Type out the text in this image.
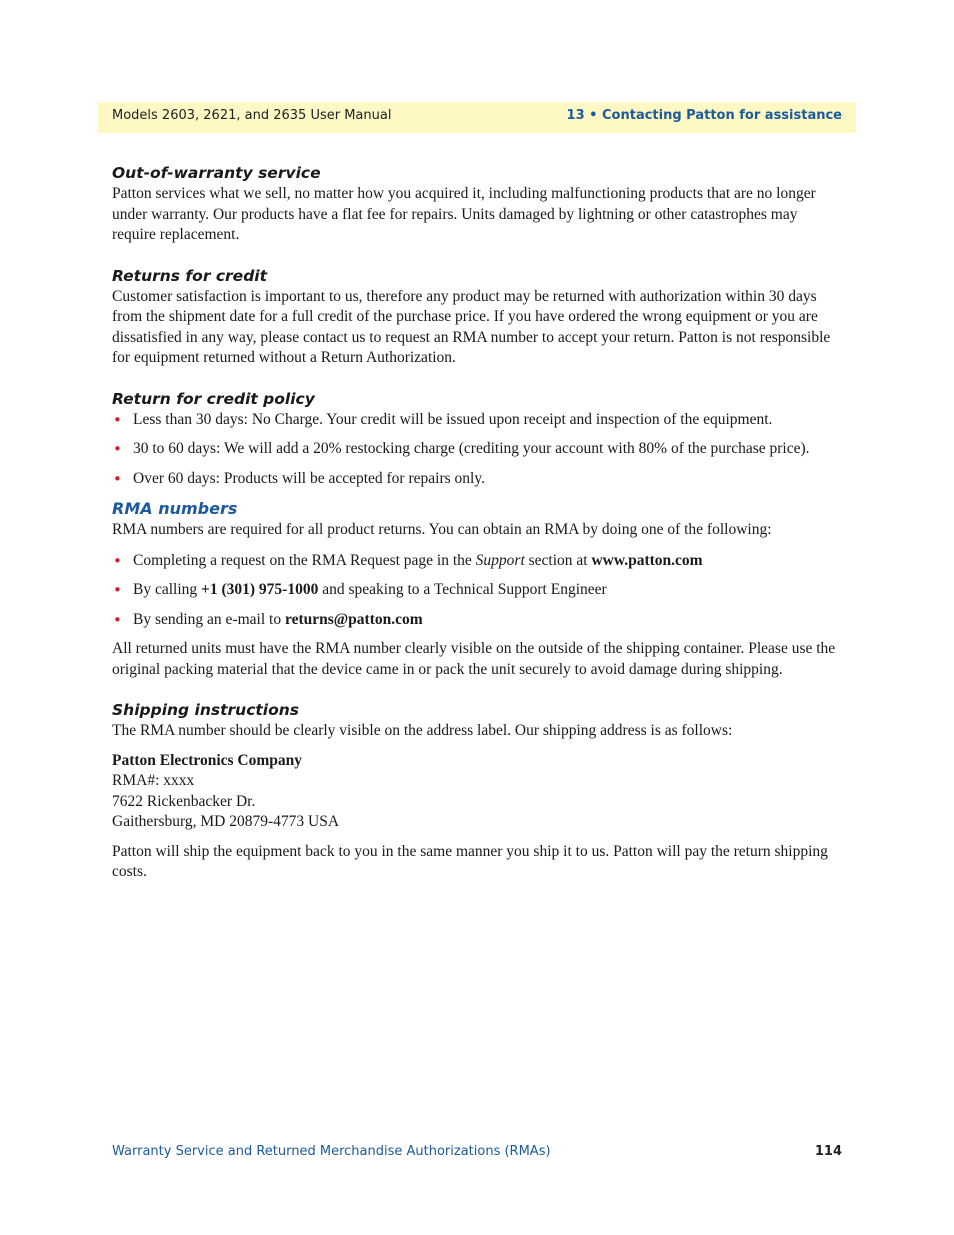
Models 2603, 2621, and 2635 User Manual	13 • Contacting Patton for assistance
Out-of-warranty service

Patton services what we sell, no matter how you acquired it, including malfunctioning products that are no longer under warranty. Our products have a flat fee for repairs. Units damaged by lightning or other catastrophes may require replacement.

Returns for credit

Customer satisfaction is important to us, therefore any product may be returned with authorization within 30 days from the shipment date for a full credit of the purchase price. If you have ordered the wrong equipment or you are dissatisfied in any way, please contact us to request an RMA number to accept your return. Patton is not responsible for equipment returned without a Return Authorization.

Return for credit policy
• Less than 30 days: No Charge. Your credit will be issued upon receipt and inspection of the equipment.
• 30 to 60 days: We will add a 20% restocking charge (crediting your account with 80% of the purchase price).
• Over 60 days: Products will be accepted for repairs only.
RMA numbers

RMA numbers are required for all product returns. You can obtain an RMA by doing one of the following:

• Completing a request on the RMA Request page in the Support section at www.patton.com
• By calling +1 (301) 975-1000 and speaking to a Technical Support Engineer
• By sending an e-mail to returns@patton.com

All returned units must have the RMA number clearly visible on the outside of the shipping container. Please use the original packing material that the device came in or pack the unit securely to avoid damage during shipping.

Shipping instructions

The RMA number should be clearly visible on the address label. Our shipping address is as follows:

Patton Electronics Company
RMA#: xxxx
7622 Rickenbacker Dr.
Gaithersburg, MD 20879-4773 USA

Patton will ship the equipment back to you in the same manner you ship it to us. Patton will pay the return shipping costs.

Warranty Service and Returned Merchandise Authorizations (RMAs)	114
